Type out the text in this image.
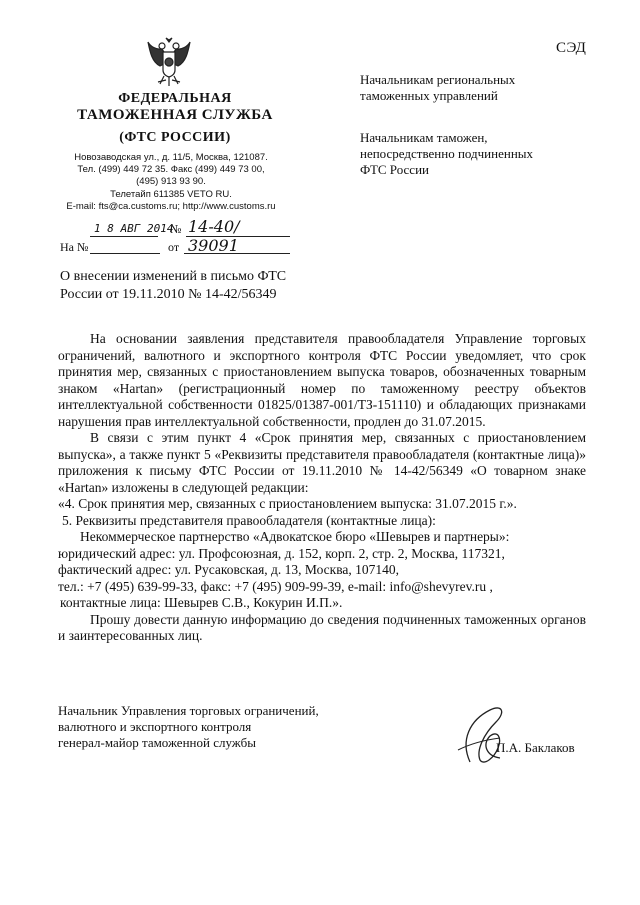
СЭД
ФЕДЕРАЛЬНАЯ
ТАМОЖЕННАЯ СЛУЖБА
(ФТС РОССИИ)
Новозаводская ул., д. 11/5, Москва, 121087.
Тел. (499) 449 72 35. Факс (499) 449 73 00,
(495) 913 93 90.
Телетайп 611385 VETO RU.
E-mail: fts@ca.customs.ru; http://www.customs.ru
1 8 АВГ 2014
№ 14-40/ 39091
На №	от
Начальникам региональных
таможенных управлений
Начальникам таможен,
непосредственно подчиненных
ФТС России
О внесении изменений в письмо ФТС
России от 19.11.2010 № 14-42/56349

На основании заявления представителя правообладателя Управление торговых ограничений, валютного и экспортного контроля ФТС России уведомляет, что срок принятия мер, связанных с приостановлением выпуска товаров, обозначенных товарным знаком «Hartan» (регистрационный номер по таможенному реестру объектов интеллектуальной собственности 01825/01387-001/ТЗ-151110) и обладающих признаками нарушения прав интеллектуальной собственности, продлен до 31.07.2015.

В связи с этим пункт 4 «Срок принятия мер, связанных с приостановлением выпуска», а также пункт 5 «Реквизиты представителя правообладателя (контактные лица)» приложения к письму ФТС России от 19.11.2010 № 14-42/56349 «О товарном знаке «Hartan» изложены в следующей редакции:

«4. Срок принятия мер, связанных с приостановлением выпуска: 31.07.2015 г.».

5. Реквизиты представителя правообладателя (контактные лица):

Некоммерческое партнерство «Адвокатское бюро «Шевырев и партнеры»:

юридический адрес: ул. Профсоюзная, д. 152, корп. 2, стр. 2, Москва, 117321,

фактический адрес: ул. Русаковская, д. 13, Москва, 107140,

тел.: +7 (495) 639-99-33, факс: +7 (495) 909-99-39, e-mail: info@shevyrev.ru ,

контактные лица: Шевырев С.В., Кокурин И.П.».

Прошу довести данную информацию до сведения подчиненных таможенных органов и заинтересованных лиц.

Начальник Управления торговых ограничений,
валютного и экспортного контроля
генерал-майор таможенной службы	П.А. Баклаков
